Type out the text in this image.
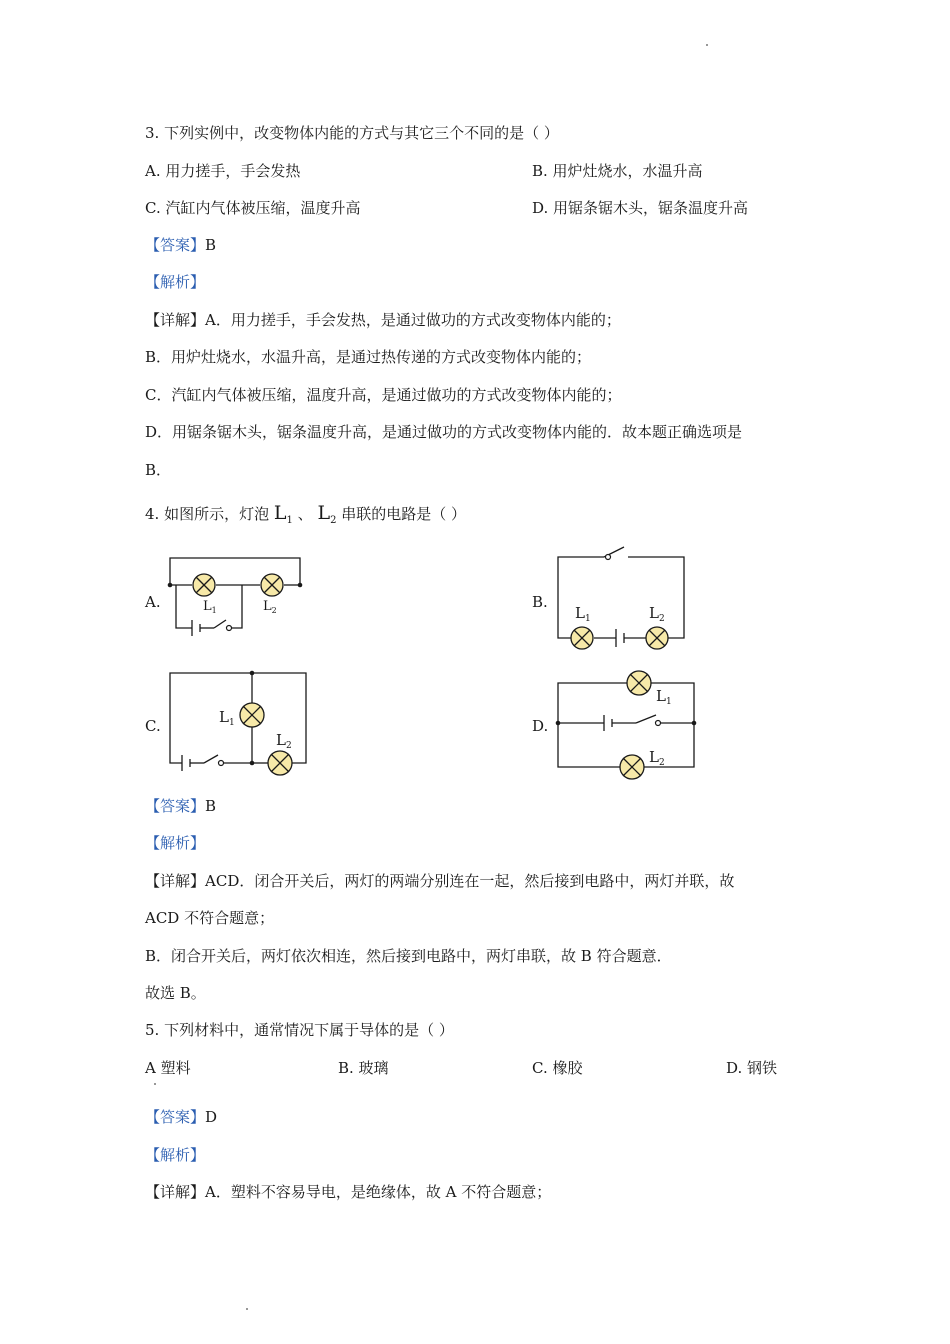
3. 下列实例中，改变物体内能的方式与其它三个不同的是（ ）
A. 用力搓手，手会发热	B. 用炉灶烧水，水温升高
C. 汽缸内气体被压缩，温度升高	D. 用锯条锯木头，锯条温度升高
【答案】B
【解析】
【详解】A．用力搓手，手会发热，是通过做功的方式改变物体内能的；
B．用炉灶烧水，水温升高，是通过热传递的方式改变物体内能的；
C．汽缸内气体被压缩，温度升高，是通过做功的方式改变物体内能的；
D．用锯条锯木头，锯条温度升高，是通过做功的方式改变物体内能的．故本题正确选项是
B．
4. 如图所示，灯泡 $L_1$ 、 $L_2$ 串联的电路是（ ）
A.	$L_1$	$L_2$	B.
$L_1$	$L_2$
C.	$L_1$
$L_2$
D.
$L_1$
$L_2$
【答案】B
【解析】
【详解】ACD．闭合开关后，两灯的两端分别连在一起，然后接到电路中，两灯并联，故
ACD 不符合题意；
B．闭合开关后，两灯依次相连，然后接到电路中，两灯串联，故 B 符合题意．
故选 B。
5. 下列材料中，通常情况下属于导体的是（ ）
A 塑料	B. 玻璃	C. 橡胶	D. 钢铁
【答案】D
【解析】
【详解】A．塑料不容易导电，是绝缘体，故 A 不符合题意；
